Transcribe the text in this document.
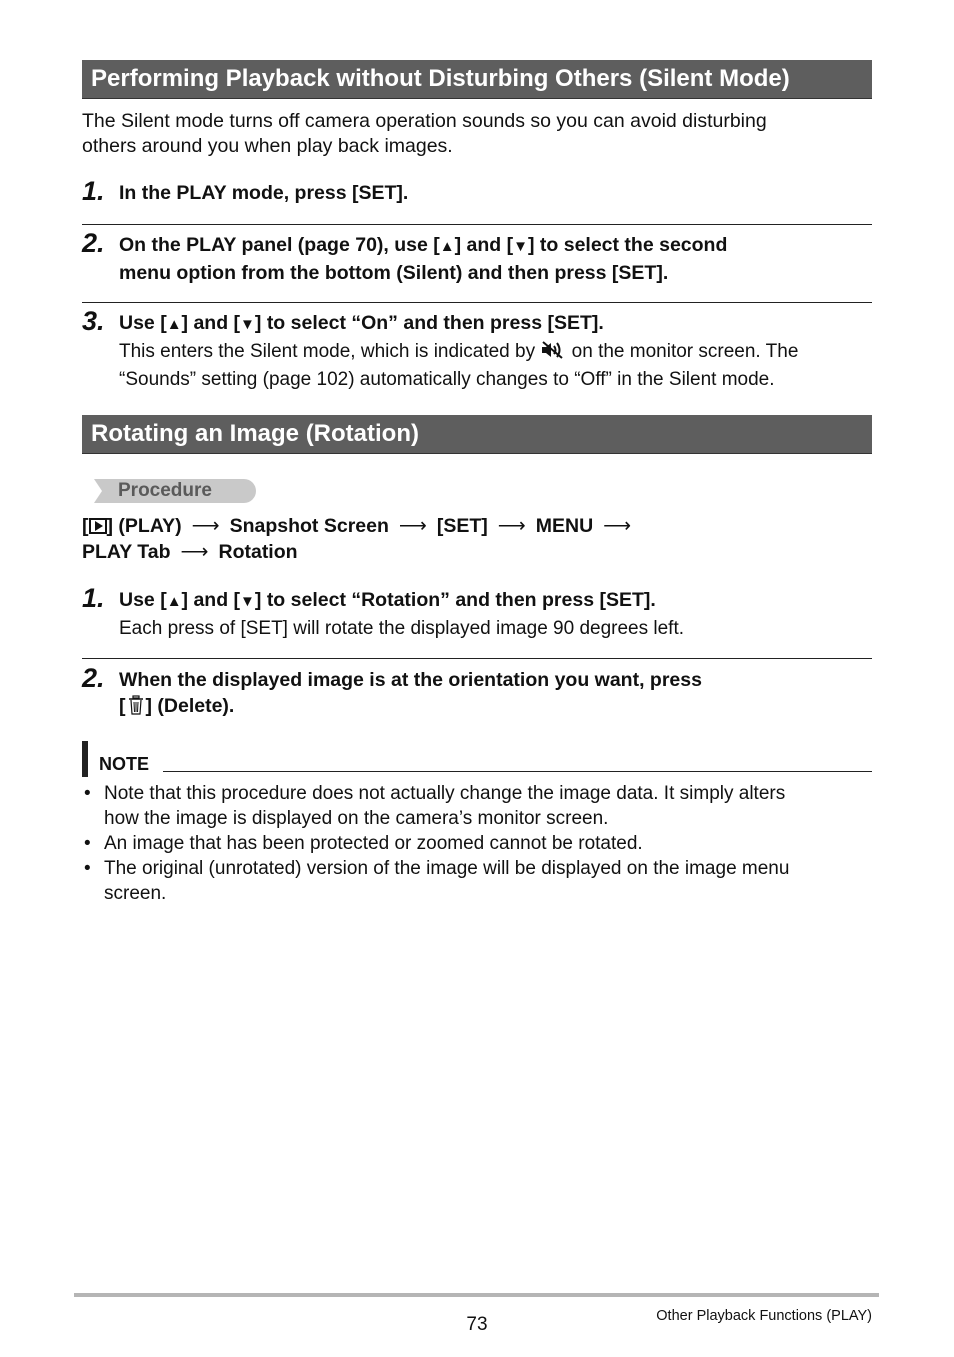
Performing Playback without Disturbing Others (Silent Mode)
The Silent mode turns off camera operation sounds so you can avoid disturbing
others around you when play back images.
1. In the PLAY mode, press [SET].
2. On the PLAY panel (page 70), use [▲] and [▼] to select the second
menu option from the bottom (Silent) and then press [SET].
3. Use [▲] and [▼] to select “On” and then press [SET].
This enters the Silent mode, which is indicated by  on the monitor screen. The
“Sounds” setting (page 102) automatically changes to “Off” in the Silent mode.
Rotating an Image (Rotation)
Procedure
[ ] (PLAY) ⟶ Snapshot Screen ⟶ [SET] ⟶ MENU ⟶
PLAY Tab ⟶ Rotation
1. Use [▲] and [▼] to select “Rotation” and then press [SET].
Each press of [SET] will rotate the displayed image 90 degrees left.
2. When the displayed image is at the orientation you want, press
[ ] (Delete).
NOTE
• Note that this procedure does not actually change the image data. It simply alters
how the image is displayed on the camera’s monitor screen.
• An image that has been protected or zoomed cannot be rotated.
• The original (unrotated) version of the image will be displayed on the image menu
screen.
73	Other Playback Functions (PLAY)
